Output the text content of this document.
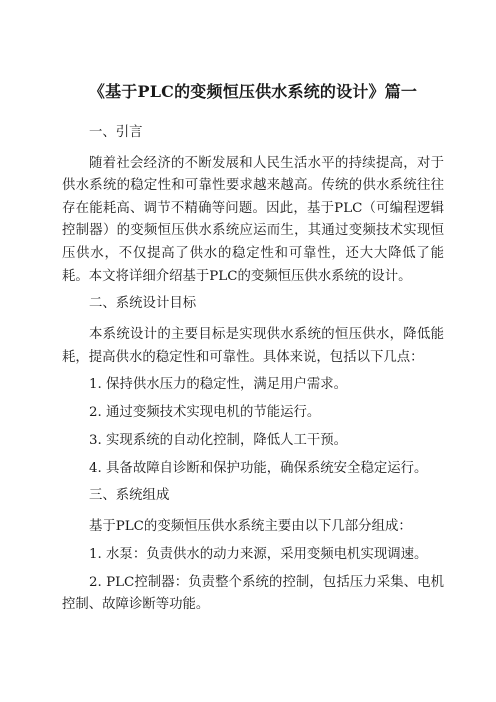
《基于PLC的变频恒压供水系统的设计》篇一

一、引言

随着社会经济的不断发展和人民生活水平的持续提高，对于供水系统的稳定性和可靠性要求越来越高。传统的供水系统往往存在能耗高、调节不精确等问题。因此，基于PLC（可编程逻辑控制器）的变频恒压供水系统应运而生，其通过变频技术实现恒压供水，不仅提高了供水的稳定性和可靠性，还大大降低了能耗。本文将详细介绍基于PLC的变频恒压供水系统的设计。

二、系统设计目标

本系统设计的主要目标是实现供水系统的恒压供水，降低能耗，提高供水的稳定性和可靠性。具体来说，包括以下几点：

1. 保持供水压力的稳定性，满足用户需求。

2. 通过变频技术实现电机的节能运行。

3. 实现系统的自动化控制，降低人工干预。

4. 具备故障自诊断和保护功能，确保系统安全稳定运行。

三、系统组成

基于PLC的变频恒压供水系统主要由以下几部分组成：

1. 水泵：负责供水的动力来源，采用变频电机实现调速。

2. PLC控制器：负责整个系统的控制，包括压力采集、电机控制、故障诊断等功能。
